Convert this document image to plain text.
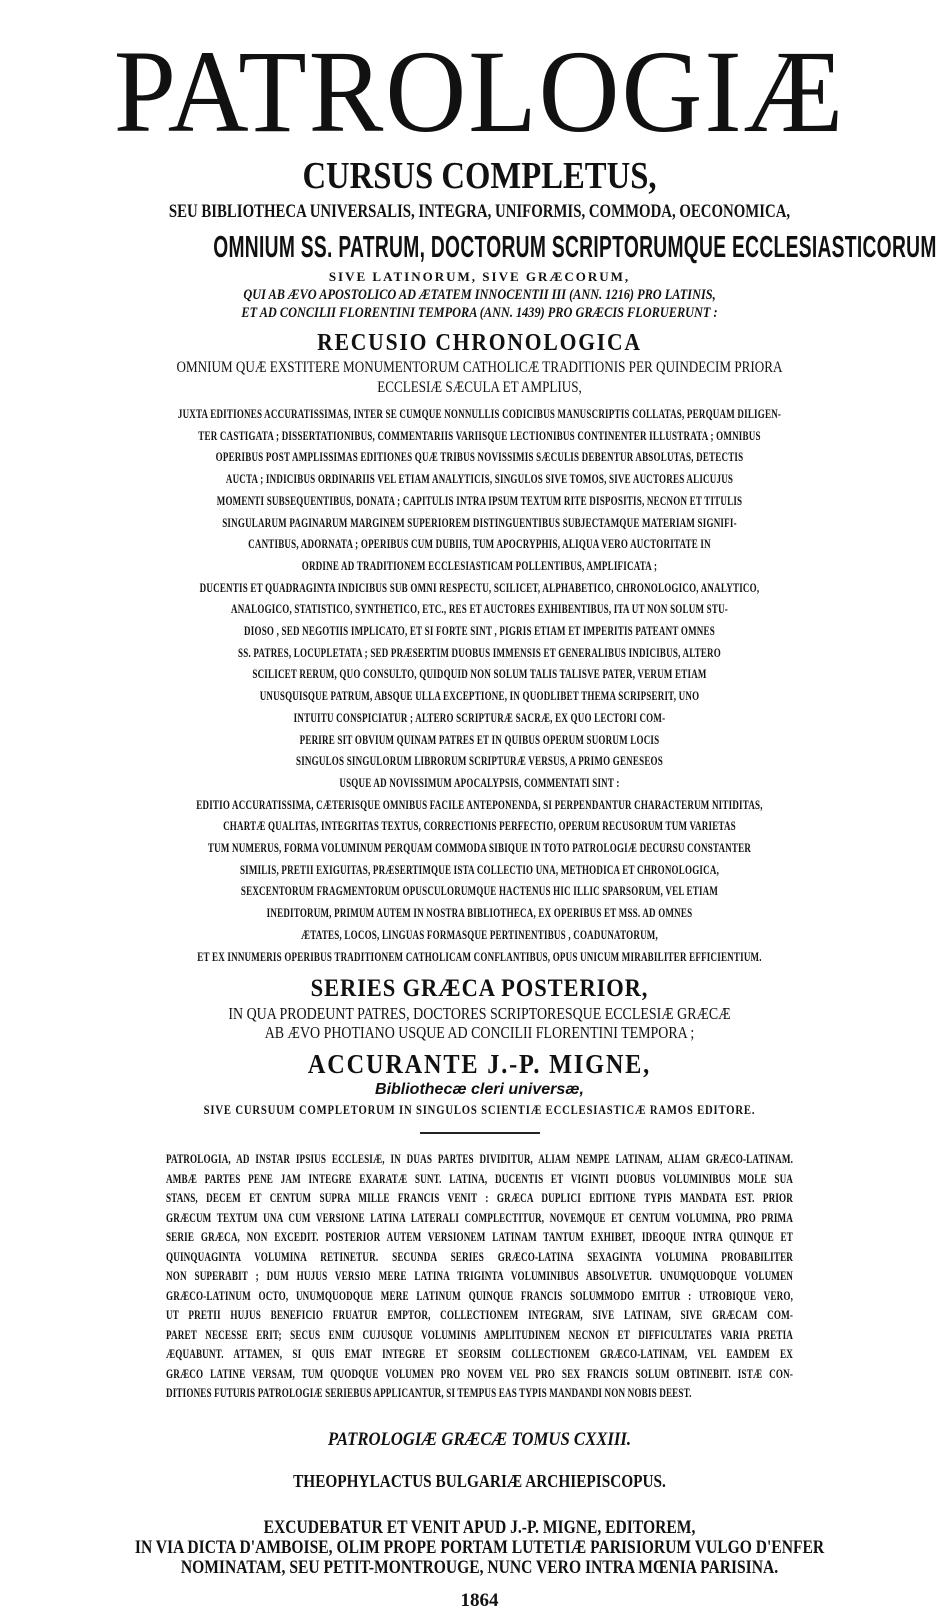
PATROLOGIÆ
CURSUS COMPLETUS,
SEU BIBLIOTHECA UNIVERSALIS, INTEGRA, UNIFORMIS, COMMODA, OECONOMICA,
OMNIUM SS. PATRUM, DOCTORUM SCRIPTORUMQUE ECCLESIASTICORUM
SIVE LATINORUM, SIVE GRÆCORUM,
QUI AB ÆVO APOSTOLICO AD ÆTATEM INNOCENTII III (ANN. 1216) PRO LATINIS,
ET AD CONCILII FLORENTINI TEMPORA (ANN. 1439) PRO GRÆCIS FLORUERUNT :
RECUSIO CHRONOLOGICA
OMNIUM QUÆ EXSTITERE MONUMENTORUM CATHOLICÆ TRADITIONIS PER QUINDECIM PRIORA
ECCLESIÆ SÆCULA ET AMPLIUS,
JUXTA EDITIONES ACCURATISSIMAS, INTER SE CUMQUE NONNULLIS CODICIBUS MANUSCRIPTIS COLLATAS, PERQUAM DILIGEN-
TER CASTIGATA ; DISSERTATIONIBUS, COMMENTARIIS VARIISQUE LECTIONIBUS CONTINENTER ILLUSTRATA ; OMNIBUS
OPERIBUS POST AMPLISSIMAS EDITIONES QUÆ TRIBUS NOVISSIMIS SÆCULIS DEBENTUR ABSOLUTAS, DETECTIS
AUCTA ; INDICIBUS ORDINARIIS VEL ETIAM ANALYTICIS, SINGULOS SIVE TOMOS, SIVE AUCTORES ALICUJUS
MOMENTI SUBSEQUENTIBUS, DONATA ; CAPITULIS INTRA IPSUM TEXTUM RITE DISPOSITIS, NECNON ET TITULIS
SINGULARUM PAGINARUM MARGINEM SUPERIOREM DISTINGUENTIBUS SUBJECTAMQUE MATERIAM SIGNIFI-
CANTIBUS, ADORNATA ; OPERIBUS CUM DUBIIS, TUM APOCRYPHIS, ALIQUA VERO AUCTORITATE IN
ORDINE AD TRADITIONEM ECCLESIASTICAM POLLENTIBUS, AMPLIFICATA ;
DUCENTIS ET QUADRAGINTA INDICIBUS SUB OMNI RESPECTU, SCILICET, ALPHABETICO, CHRONOLOGICO, ANALYTICO,
ANALOGICO, STATISTICO, SYNTHETICO, ETC., RES ET AUCTORES EXHIBENTIBUS, ITA UT NON SOLUM STU-
DIOSO , SED NEGOTIIS IMPLICATO, ET SI FORTE SINT , PIGRIS ETIAM ET IMPERITIS PATEANT OMNES
SS. PATRES, LOCUPLETATA ; SED PRÆSERTIM DUOBUS IMMENSIS ET GENERALIBUS INDICIBUS, ALTERO
SCILICET RERUM, QUO CONSULTO, QUIDQUID NON SOLUM TALIS TALISVE PATER, VERUM ETIAM
UNUSQUISQUE PATRUM, ABSQUE ULLA EXCEPTIONE, IN QUODLIBET THEMA SCRIPSERIT, UNO
INTUITU CONSPICIATUR ; ALTERO SCRIPTURÆ SACRÆ, EX QUO LECTORI COM-
PERIRE SIT OBVIUM QUINAM PATRES ET IN QUIBUS OPERUM SUORUM LOCIS
SINGULOS SINGULORUM LIBRORUM SCRIPTURÆ VERSUS, A PRIMO GENESEOS
USQUE AD NOVISSIMUM APOCALYPSIS, COMMENTATI SINT :
EDITIO ACCURATISSIMA, CÆTERISQUE OMNIBUS FACILE ANTEPONENDA, SI PERPENDANTUR CHARACTERUM NITIDITAS,
CHARTÆ QUALITAS, INTEGRITAS TEXTUS, CORRECTIONIS PERFECTIO, OPERUM RECUSORUM TUM VARIETAS
TUM NUMERUS, FORMA VOLUMINUM PERQUAM COMMODA SIBIQUE IN TOTO PATROLOGIÆ DECURSU CONSTANTER
SIMILIS, PRETII EXIGUITAS, PRÆSERTIMQUE ISTA COLLECTIO UNA, METHODICA ET CHRONOLOGICA,
SEXCENTORUM FRAGMENTORUM OPUSCULORUMQUE HACTENUS HIC ILLIC SPARSORUM, VEL ETIAM
INEDITORUM, PRIMUM AUTEM IN NOSTRA BIBLIOTHECA, EX OPERIBUS ET MSS. AD OMNES
ÆTATES, LOCOS, LINGUAS FORMASQUE PERTINENTIBUS , COADUNATORUM,
ET EX INNUMERIS OPERIBUS TRADITIONEM CATHOLICAM CONFLANTIBUS, OPUS UNICUM MIRABILITER EFFICIENTIUM.
SERIES GRÆCA POSTERIOR,
IN QUA PRODEUNT PATRES, DOCTORES SCRIPTORESQUE ECCLESIÆ GRÆCÆ
AB ÆVO PHOTIANO USQUE AD CONCILII FLORENTINI TEMPORA ;
ACCURANTE J.-P. MIGNE,
Bibliothecæ cleri universæ,
SIVE CURSUUM COMPLETORUM IN SINGULOS SCIENTIÆ ECCLESIASTICÆ RAMOS EDITORE.
PATROLOGIA, AD INSTAR IPSIUS ECCLESIÆ, IN DUAS PARTES DIVIDITUR, ALIAM NEMPE LATINAM, ALIAM GRÆCO-LATINAM.
AMBÆ PARTES PENE JAM INTEGRE EXARATÆ SUNT. LATINA, DUCENTIS ET VIGINTI DUOBUS VOLUMINIBUS MOLE SUA
STANS, DECEM ET CENTUM SUPRA MILLE FRANCIS VENIT : GRÆCA DUPLICI EDITIONE TYPIS MANDATA EST. PRIOR
GRÆCUM TEXTUM UNA CUM VERSIONE LATINA LATERALI COMPLECTITUR, NOVEMQUE ET CENTUM VOLUMINA, PRO PRIMA
SERIE GRÆCA, NON EXCEDIT. POSTERIOR AUTEM VERSIONEM LATINAM TANTUM EXHIBET, IDEOQUE INTRA QUINQUE ET
QUINQUAGINTA VOLUMINA RETINETUR. SECUNDA SERIES GRÆCO-LATINA SEXAGINTA VOLUMINA PROBABILITER
NON SUPERABIT ; DUM HUJUS VERSIO MERE LATINA TRIGINTA VOLUMINIBUS ABSOLVETUR. UNUMQUODQUE VOLUMEN
GRÆCO-LATINUM OCTO, UNUMQUODQUE MERE LATINUM QUINQUE FRANCIS SOLUMMODO EMITUR : UTROBIQUE VERO,
UT PRETII HUJUS BENEFICIO FRUATUR EMPTOR, COLLECTIONEM INTEGRAM, SIVE LATINAM, SIVE GRÆCAM COM-
PARET NECESSE ERIT; SECUS ENIM CUJUSQUE VOLUMINIS AMPLITUDINEM NECNON ET DIFFICULTATES VARIA PRETIA
ÆQUABUNT. ATTAMEN, SI QUIS EMAT INTEGRE ET SEORSIM COLLECTIONEM GRÆCO-LATINAM, VEL EAMDEM EX
GRÆCO LATINE VERSAM, TUM QUODQUE VOLUMEN PRO NOVEM VEL PRO SEX FRANCIS SOLUM OBTINEBIT. ISTÆ CON-
DITIONES FUTURIS PATROLOGIÆ SERIEBUS APPLICANTUR, SI TEMPUS EAS TYPIS MANDANDI NON NOBIS DEEST.
PATROLOGIÆ GRÆCÆ TOMUS CXXIII.
THEOPHYLACTUS BULGARIÆ ARCHIEPISCOPUS.
EXCUDEBATUR ET VENIT APUD J.-P. MIGNE, EDITOREM,
IN VIA DICTA D'AMBOISE, OLIM PROPE PORTAM LUTETIÆ PARISIORUM VULGO D'ENFER
NOMINATAM, SEU PETIT-MONTROUGE, NUNC VERO INTRA MŒNIA PARISINA.
1864
